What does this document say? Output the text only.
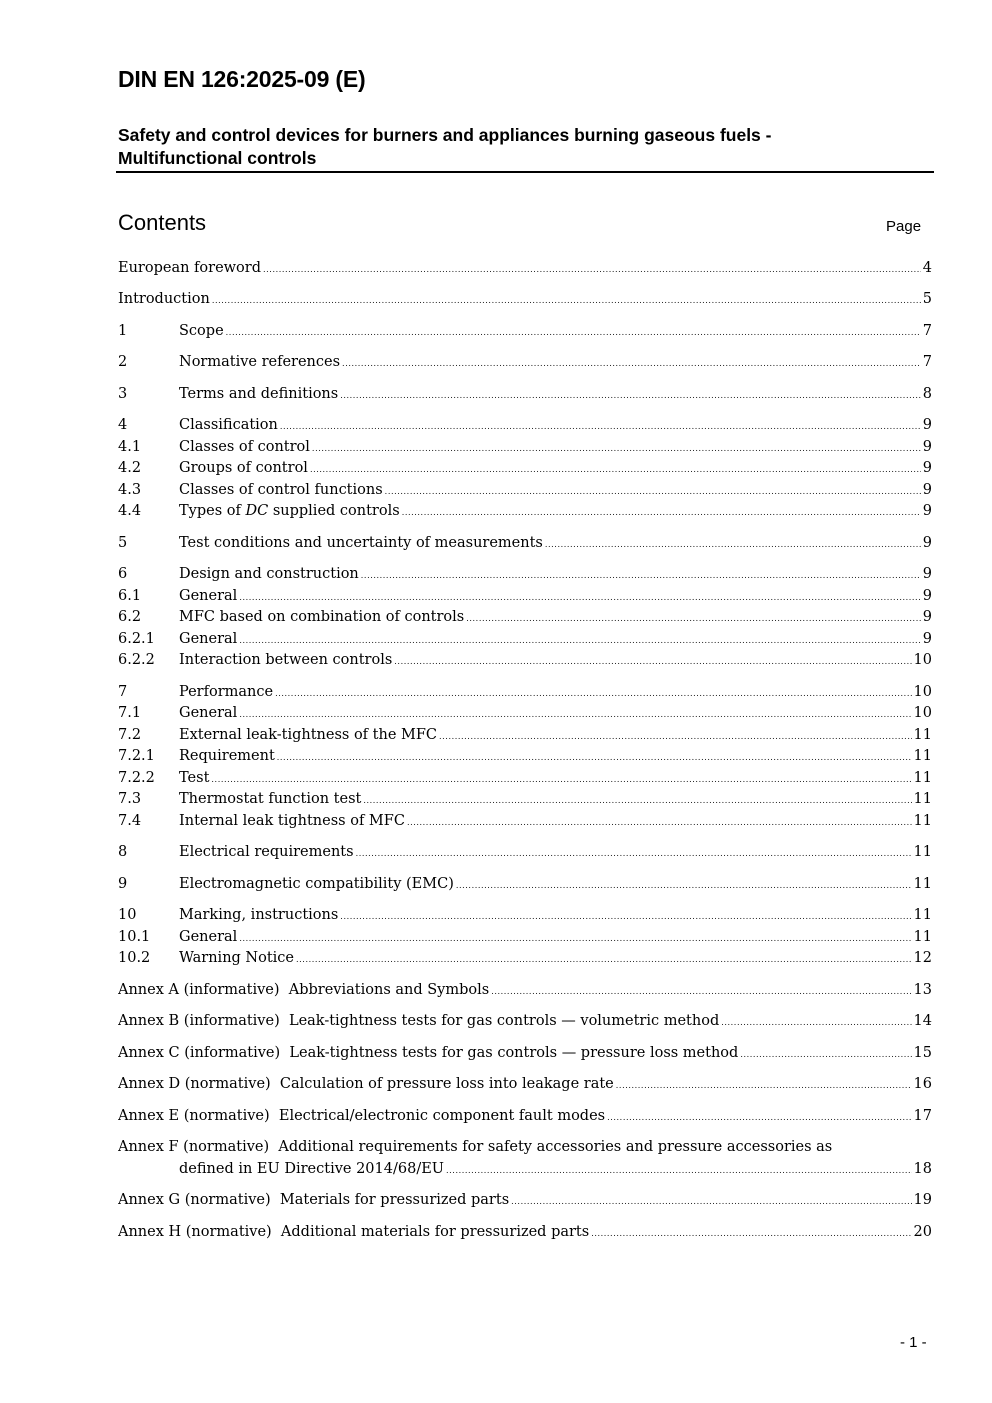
DIN EN 126:2025-09 (E)
Safety and control devices for burners and appliances burning gaseous fuels -
Multifunctional controls
Contents	Page
European foreword .....	4
Introduction .....	5
1	Scope .....	7
2	Normative references .....	7
3	Terms and definitions .....	8
4	Classification .....	9
4.1	Classes of control .....	9
4.2	Groups of control .....	9
4.3	Classes of control functions .....	9
4.4	Types of DC supplied controls .....	9
5	Test conditions and uncertainty of measurements .....	9
6	Design and construction .....	9
6.1	General .....	9
6.2	MFC based on combination of controls .....	9
6.2.1	General .....	9
6.2.2	Interaction between controls .....	10
7	Performance .....	10
7.1	General .....	10
7.2	External leak-tightness of the MFC .....	11
7.2.1	Requirement .....	11
7.2.2	Test .....	11
7.3	Thermostat function test .....	11
7.4	Internal leak tightness of MFC .....	11
8	Electrical requirements .....	11
9	Electromagnetic compatibility (EMC) .....	11
10	Marking, instructions .....	11
10.1	General .....	11
10.2	Warning Notice .....	12
Annex A (informative)  Abbreviations and Symbols .....	13
Annex B (informative)  Leak-tightness tests for gas controls — volumetric method .....	14
Annex C (informative)  Leak-tightness tests for gas controls — pressure loss method .....	15
Annex D (normative)  Calculation of pressure loss into leakage rate .....	16
Annex E (normative)  Electrical/electronic component fault modes .....	17
Annex F (normative)  Additional requirements for safety accessories and pressure accessories as
defined in EU Directive 2014/68/EU .....	18
Annex G (normative)  Materials for pressurized parts .....	19
Annex H (normative)  Additional materials for pressurized parts .....	20
- 1 -
